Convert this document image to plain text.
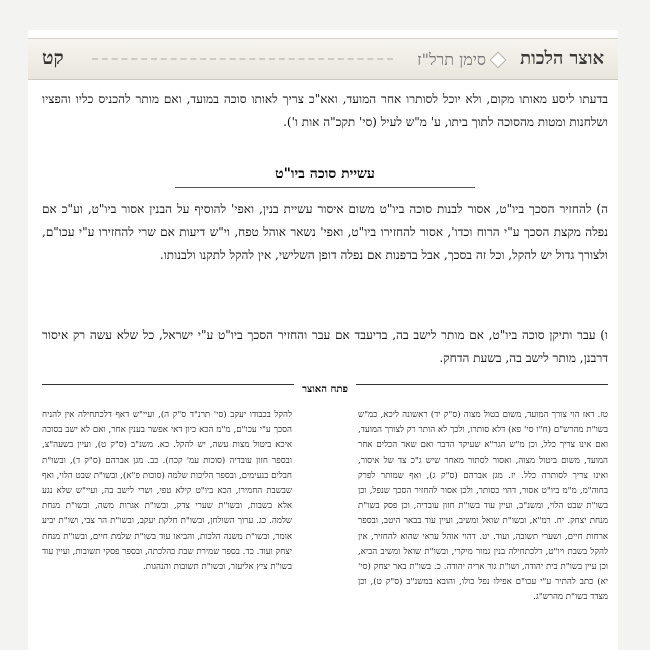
אוצר הלכות
סימן תרל"ז
קט

בדעתו ליסע מאותו מקום, ולא יוכל לסותרו אחר המועד, ואא"כ צריך לאותו סוכה במועד, ואם מותר להכניס כליו והפציו ושלחנות ומטות מהסוכה לתוך ביתו, ע' מ"ש לעיל (סי' תקכ"ה אות ו').

עשיית סוכה ביו"ט

ה) להחזיר הסכך ביו"ט, אסור לבנות סוכה ביו"ט משום איסור עשיית בנין, ואפי' להוסיף על הבנין אסור ביו"ט, וע"כ אם נפלה מקצת הסכך ע"י הרוח וכדו', אסור להחזירו ביו"ט, ואפי' נשאר אוהל טפח, וי"ש דיעות אם שרי להחזירו ע"י עכו"ם, ולצורך גדול יש להקל, וכל זה בסכך, אבל בדפנות אם נפלה דופן השלישי, אין להקל לתקנו ולבנותו.

ו) עבר ותיקן סוכה ביו"ט, אם מותר לישב בה, בדיעבד אם עבר והחזיר הסכך ביו"ט ע"י ישראל, כל שלא עשה רק איסור דרבנן, מותר לישב בה, בשעת הדחק.

פתח האוצר
טז. דאז הוי צורך המועד, משום בטול מצוה (ס"ק יד) ראשונה ליכא, כמ"ש בשו"ת מהרש"ם (ח"ו סי' פא) דלא סותרו, ולכך לא הותר רק לצורך המועד, ואם אינו צריך כלל, וכן מ"ש הגר"א שעיקר הדבר ואם שאר הכלים אחר המועד, משום ביטול מצוה, ואסור לסתור מאחר שיש ג"כ צד של איסור, ואינו צריך לסותרה כלל. יז. מגן אברהם (ס"ק ג), ואף שמותר לפרק בחוה"מ, מ"מ ביו"ט אסור, דהוי כסותר, ולכן אסור להחזיר הסכך שנפל, וכן בשו"ת שבט הלוי, ומשנ"ב, ועיין עוד בשו"ת חזון עובדיה, וכן פסק בשו"ת מנחת יצחק. יח. רמ"א, ובשו"ת שואל ומשיב, ועיין עוד בבאר היטב, ובספר ארחות חיים, ושערי תשובה, ועוד. יט. דהוי אוהל עראי שהוא להחזיר, אין להקל בשבת ויו"ט, דלכתחילה בנין גמור מיקרי, ובשו"ת שואל ומשיב הביא, וכן עיין בשו"ת בית יהודה, ושו"ת גור אריה יהודה. כ. בשו"ת באר יצחק (סי' יא) כתב להתיר ע"י עכו"ם אפילו נפל כולו, והובא במשנ"ב (ס"ק ט), וכן מצדד בשו"ת מהרש"ג.
להקל בכבודו יעקב (סי' תרנ"ד ס"ק ה), ועיי"ש דאף דלכתחילה אין להניח הסכך ע"י עכו"ם, מ"מ הכא כיון דאי אפשר בענין אחר, ואם לא ישב בסוכה איכא ביטול מצות עשה, יש להקל. כא. משנ"ב (ס"ק ט), ועיין בשעה"צ, ובספר חזון עובדיה (סוכות עמ' קכח). כב. מגן אברהם (ס"ק ד), ובשו"ת חבלים בנעימים, ובספר הליכות שלמה (סוכות פ"א), ובשו"ת שבט הלוי, ואף שבשבת החמירו, הכא ביו"ט קילא טפי, ושרי לישב בה, ועיי"ש שלא נגע אלא בשבות, ובשו"ת שערי צדק, ובשו"ת אגרות משה, ובשו"ת מנחת שלמה. כג. ערוך השולחן, ובשו"ת חלקת יעקב, ובשו"ת הר צבי, ושו"ת יביע אומר, ובשו"ת משנה הלכות, והביאו עוד בשו"ת שלמת חיים, ובשו"ת מנחת יצחק ועוד. כד. בספר שמירת שבת כהלכתה, ובספר פסקי תשובות, ועיין עוד בשו"ת ציץ אליעזר, ובשו"ת תשובות והנהגות.
